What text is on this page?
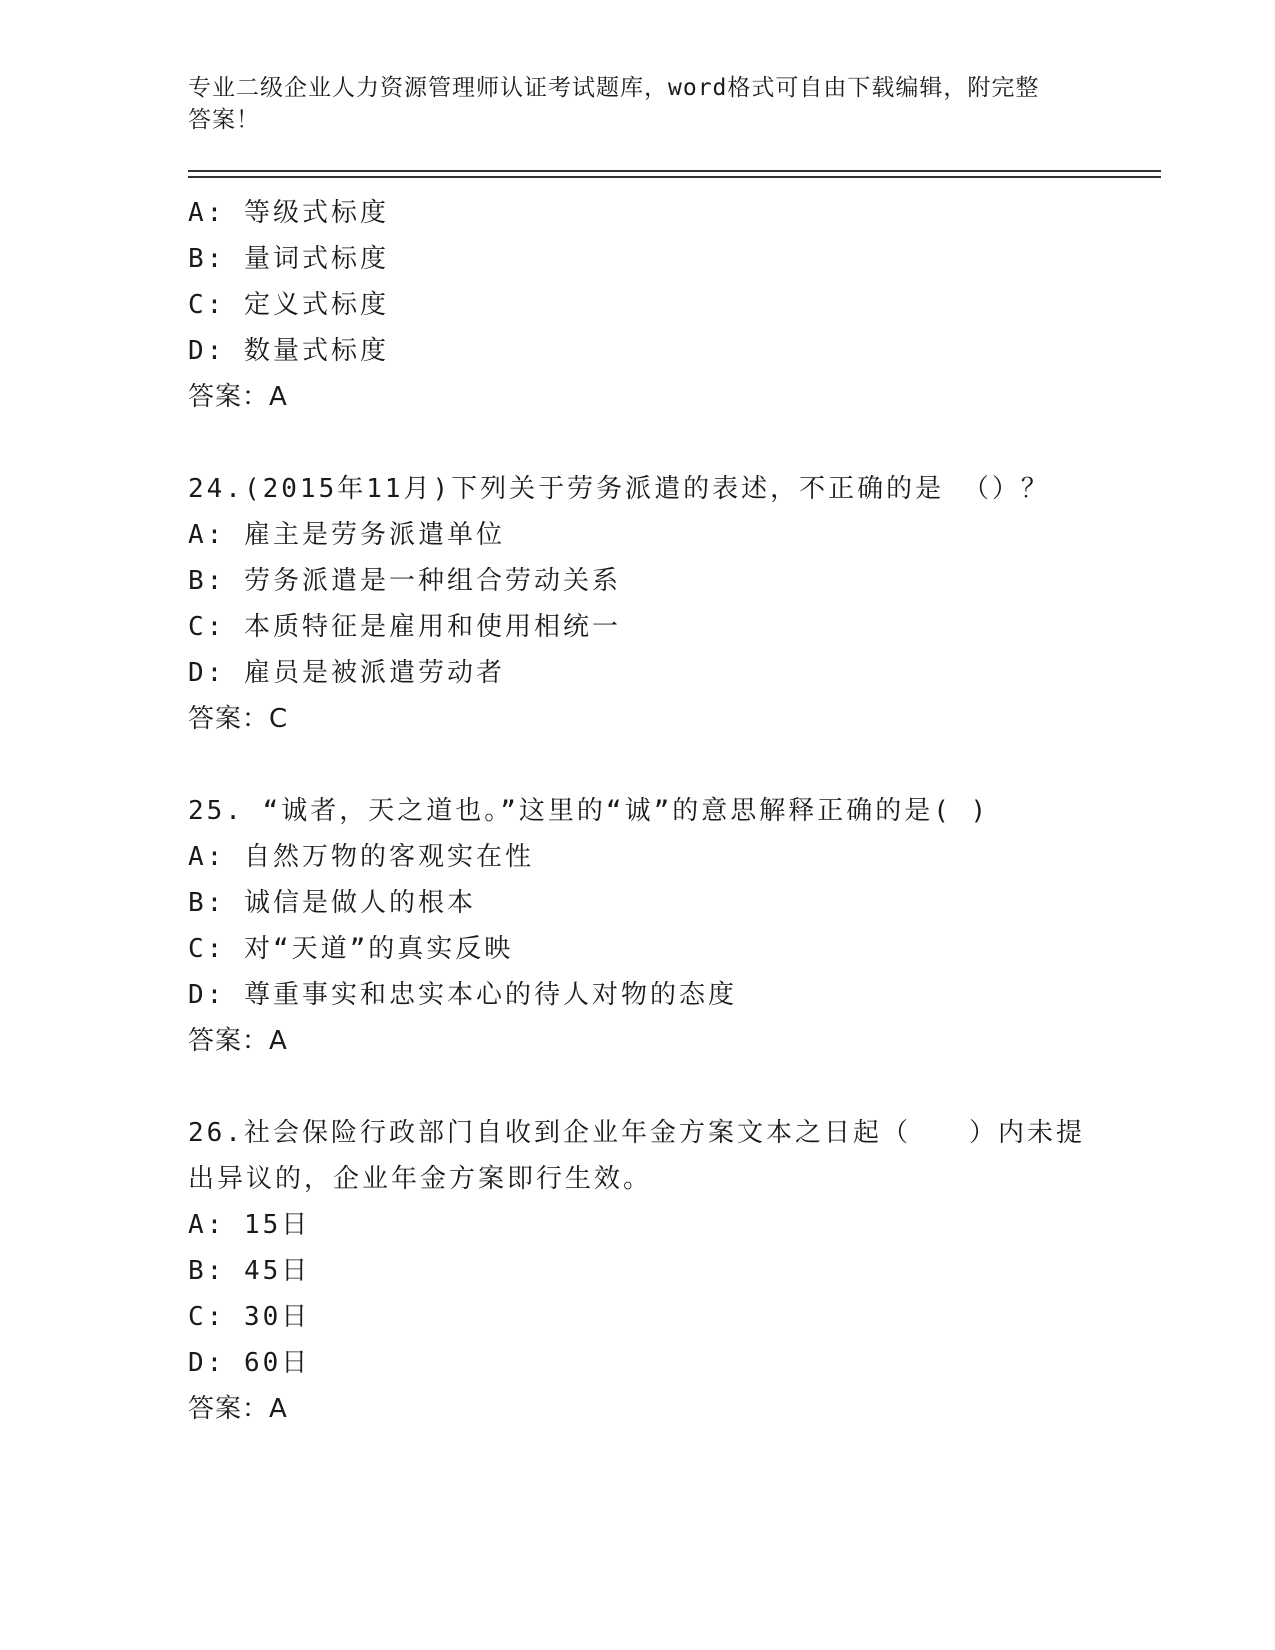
专业二级企业人力资源管理师认证考试题库，word格式可自由下载编辑，附完整
答案！
A: 等级式标度
B: 量词式标度
C: 定义式标度
D: 数量式标度
答案：A
24.(2015年11月)下列关于劳务派遣的表述，不正确的是 （）？
A: 雇主是劳务派遣单位
B: 劳务派遣是一种组合劳动关系
C: 本质特征是雇用和使用相统一
D: 雇员是被派遣劳动者
答案：C
25. “诚者，天之道也。”这里的“诚”的意思解释正确的是( )
A: 自然万物的客观实在性
B: 诚信是做人的根本
C: 对“天道”的真实反映
D: 尊重事实和忠实本心的待人对物的态度
答案：A
26.社会保险行政部门自收到企业年金方案文本之日起（　　）内未提出异议的，企业年金方案即行生效。
A: 15日
B: 45日
C: 30日
D: 60日
答案：A
